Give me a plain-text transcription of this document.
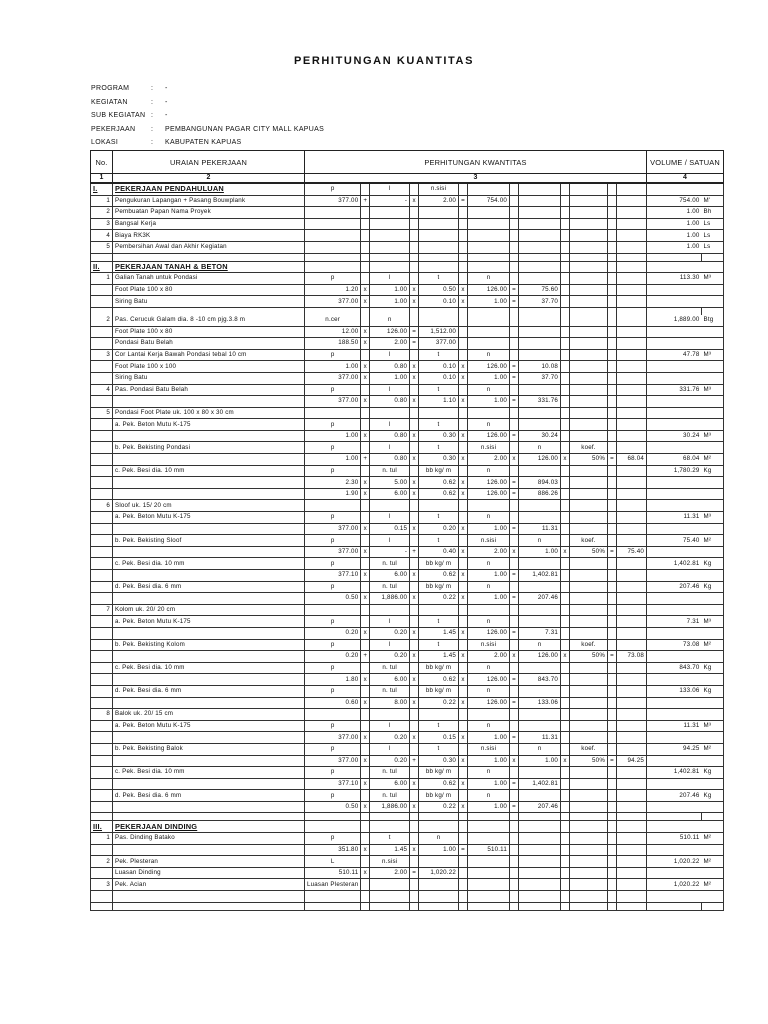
PERHITUNGAN KUANTITAS
PROGRAM	:	-
KEGIATAN	:	-
SUB KEGIATAN :	-
PEKERJAAN	:	PEMBANGUNAN PAGAR CITY MALL KAPUAS
LOKASI	:	KABUPATEN KAPUAS
No.	URAIAN PEKERJAAN	PERHITUNGAN KWANTITAS													VOLUME / SATUAN	
1	2	3													4	
I.	PEKERJAAN PENDAHULUAN	p		l		n.sisi										
1	Pengukuran Lapangan + Pasang Bouwplank	377.00	+	-	x	2.00	=	754.00							754.00	M'
2	Pembuatan Papan Nama Proyek														1.00	Bh
3	Bangsal Kerja														1.00	Ls
4	Biaya RK3K														1.00	Ls
5	Pembersihan Awal dan Akhir Kegiatan														1.00	Ls

II.	PEKERJAAN TANAH & BETON															
1	Galian Tanah untuk Pondasi	p		l		t		n							113.30	M³
	Foot Plate 100 x 80	1.20	x	1.00	x	0.50	x	126.00	=	75.60						
	Siring Batu	377.00	x	1.00	x	0.10	x	1.00	=	37.70						

2	Pas. Cerucuk Galam dia. 8 -10 cm pjg.3.8 m	n.cer		n											1,889.00	Btg
	Foot Plate 100 x 80	12.00	x	126.00	=	1,512.00										
	Pondasi Batu Belah	188.50	x	2.00	=	377.00										
3	Cor Lantai Kerja Bawah Pondasi tebal 10 cm	p		l		t		n							47.78	M³
	Foot Plate 100 x 100	1.00	x	0.80	x	0.10	x	126.00	=	10.08						
	Siring Batu	377.00	x	1.00	x	0.10	x	1.00	=	37.70						
4	Pas. Pondasi Batu Belah	p		l		t		n							331.76	M³
		377.00	x	0.80	x	1.10	x	1.00	=	331.76						
5	Pondasi Foot Plate uk. 100 x 80 x 30 cm															
	a. Pek. Beton Mutu K-175	p		l		t		n								
		1.00	x	0.80	x	0.30	x	126.00	=	30.24					30.24	M³
	b. Pek. Bekisting Pondasi	p		l		t		n.sisi		n		koef.				
		1.00	+	0.80	x	0.30	x	2.00	x	126.00	x	50%	=	68.04	68.04	M²
	c. Pek. Besi dia. 10 mm	p		n. tul		bb kg/ m		n							1,780.29	Kg
		2.30	x	5.00	x	0.62	x	126.00	=	894.03						
		1.90	x	6.00	x	0.62	x	126.00	=	886.26						
6	Sloof uk. 15/ 20 cm															
	a. Pek. Beton Mutu K-175	p		l		t		n							11.31	M³
		377.00	x	0.15	x	0.20	x	1.00	=	11.31						
	b. Pek. Bekisting Sloof	p		l		t		n.sisi		n		koef.			75.40	M²
		377.00	x	-	+	0.40	x	2.00	x	1.00	x	50%	=	75.40		
	c. Pek. Besi dia. 10 mm	p		n. tul		bb kg/ m		n							1,402.81	Kg
		377.10	x	6.00	x	0.62	x	1.00	=	1,402.81						
	d. Pek. Besi dia. 6 mm	p		n. tul		bb kg/ m		n							207.46	Kg
		0.50	x	1,886.00	x	0.22	x	1.00	=	207.46						
7	Kolom uk. 20/ 20 cm															
	a. Pek. Beton Mutu K-175	p		l		t		n							7.31	M³
		0.20	x	0.20	x	1.45	x	126.00	=	7.31						
	b. Pek. Bekisting Kolom	p		l		t		n.sisi		n		koef.			73.08	M²
		0.20	+	0.20	x	1.45	x	2.00	x	126.00	x	50%	=	73.08		
	c. Pek. Besi dia. 10 mm	p		n. tul		bb kg/ m		n							843.70	Kg
		1.80	x	6.00	x	0.62	x	126.00	=	843.70						
	d. Pek. Besi dia. 6 mm	p		n. tul		bb kg/ m		n							133.06	Kg
		0.60	x	8.00	x	0.22	x	126.00	=	133.06						
8	Balok uk. 20/ 15 cm															
	a. Pek. Beton Mutu K-175	p		l		t		n							11.31	M³
		377.00	x	0.20	x	0.15	x	1.00	=	11.31						
	b. Pek. Bekisting Balok	p		l		t		n.sisi		n		koef.			94.25	M²
		377.00	x	0.20	+	0.30	x	1.00	x	1.00	x	50%	=	94.25		
	c. Pek. Besi dia. 10 mm	p		n. tul		bb kg/ m		n							1,402.81	Kg
		377.10	x	6.00	x	0.62	x	1.00	=	1,402.81						
	d. Pek. Besi dia. 6 mm	p		n. tul		bb kg/ m		n							207.46	Kg
		0.50	x	1,886.00	x	0.22	x	1.00	=	207.46						

III.	PEKERJAAN DINDING															
1	Pas. Dinding Batako	p		t		n									510.11	M²
		351.80	x	1.45	x	1.00	=	510.11								
2	Pek. Plesteran	L		n.sisi											1,020.22	M²
	Luasan Dinding	510.11	x	2.00	=	1,020.22										
3	Pek. Acian	Luasan Plesteran													1,020.22	M²
